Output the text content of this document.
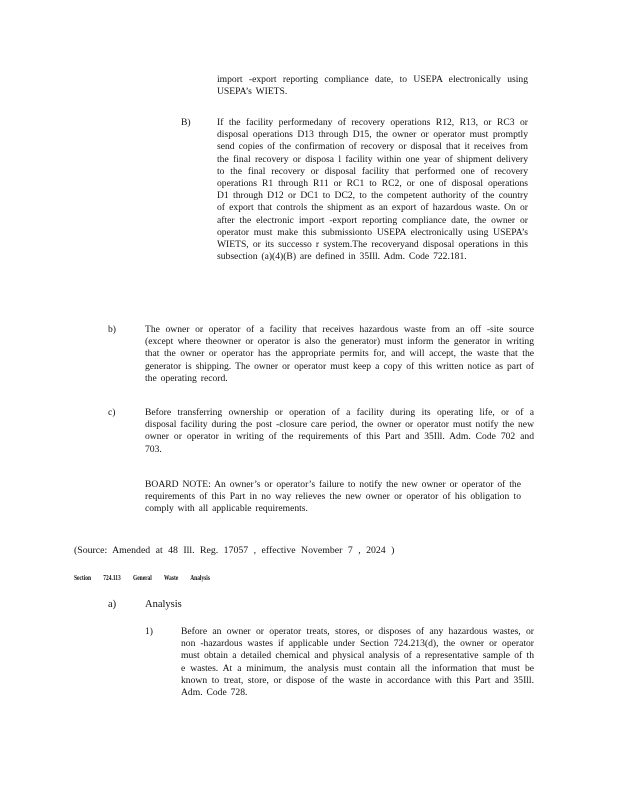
import -export reporting compliance date, to USEPA electronically using USEPA’s WIETS.

B)	If the facility performedany of recovery operations R12, R13, or RC3 or disposal operations D13 through D15, the owner or operator must promptly send copies of the confirmation of recovery or disposal that it receives from the final recovery or disposa l facility within one year of shipment delivery to the final recovery or disposal facility that performed one of recovery operations R1 through R11 or RC1 to RC2, or one of disposal operations D1 through D12 or DC1 to DC2, to the competent authority of the country of export that controls the shipment as an export of hazardous waste. On or after the electronic import -export reporting compliance date, the owner or operator must make this submissionto USEPA electronically using USEPA’s WIETS, or its successo r system.The recoveryand disposal operations in this subsection (a)(4)(B) are defined in 35Ill. Adm. Code 722.181.

b)	The owner or operator of a facility that receives hazardous waste from an off -site source (except where theowner or operator is also the generator) must inform the generator in writing that the owner or operator has the appropriate permits for, and will accept, the waste that the generator is shipping. The owner or operator must keep a copy of this written notice as part of the operating record.

c)	Before transferring ownership or operation of a facility during its operating life, or of a disposal facility during the post -closure care period, the owner or operator must notify the new owner or operator in writing of the requirements of this Part and 35Ill. Adm. Code 702 and 703.

BOARD NOTE: An owner’s or operator’s failure to notify the new owner or operator of the requirements of this Part in no way relieves the new owner or operator of his obligation to comply with all applicable requirements.

(Source: Amended at 48 Ill. Reg. 17057 , effective November 7 , 2024 )
Section 724.113 General Waste Analysis
a)	Analysis
1)	Before an owner or operator treats, stores, or disposes of any hazardous wastes, or non -hazardous wastes if applicable under Section 724.213(d), the owner or operator must obtain a detailed chemical and physical analysis of a representative sample of th e wastes. At a minimum, the analysis must contain all the information that must be known to treat, store, or dispose of the waste in accordance with this Part and 35Ill. Adm. Code 728.
